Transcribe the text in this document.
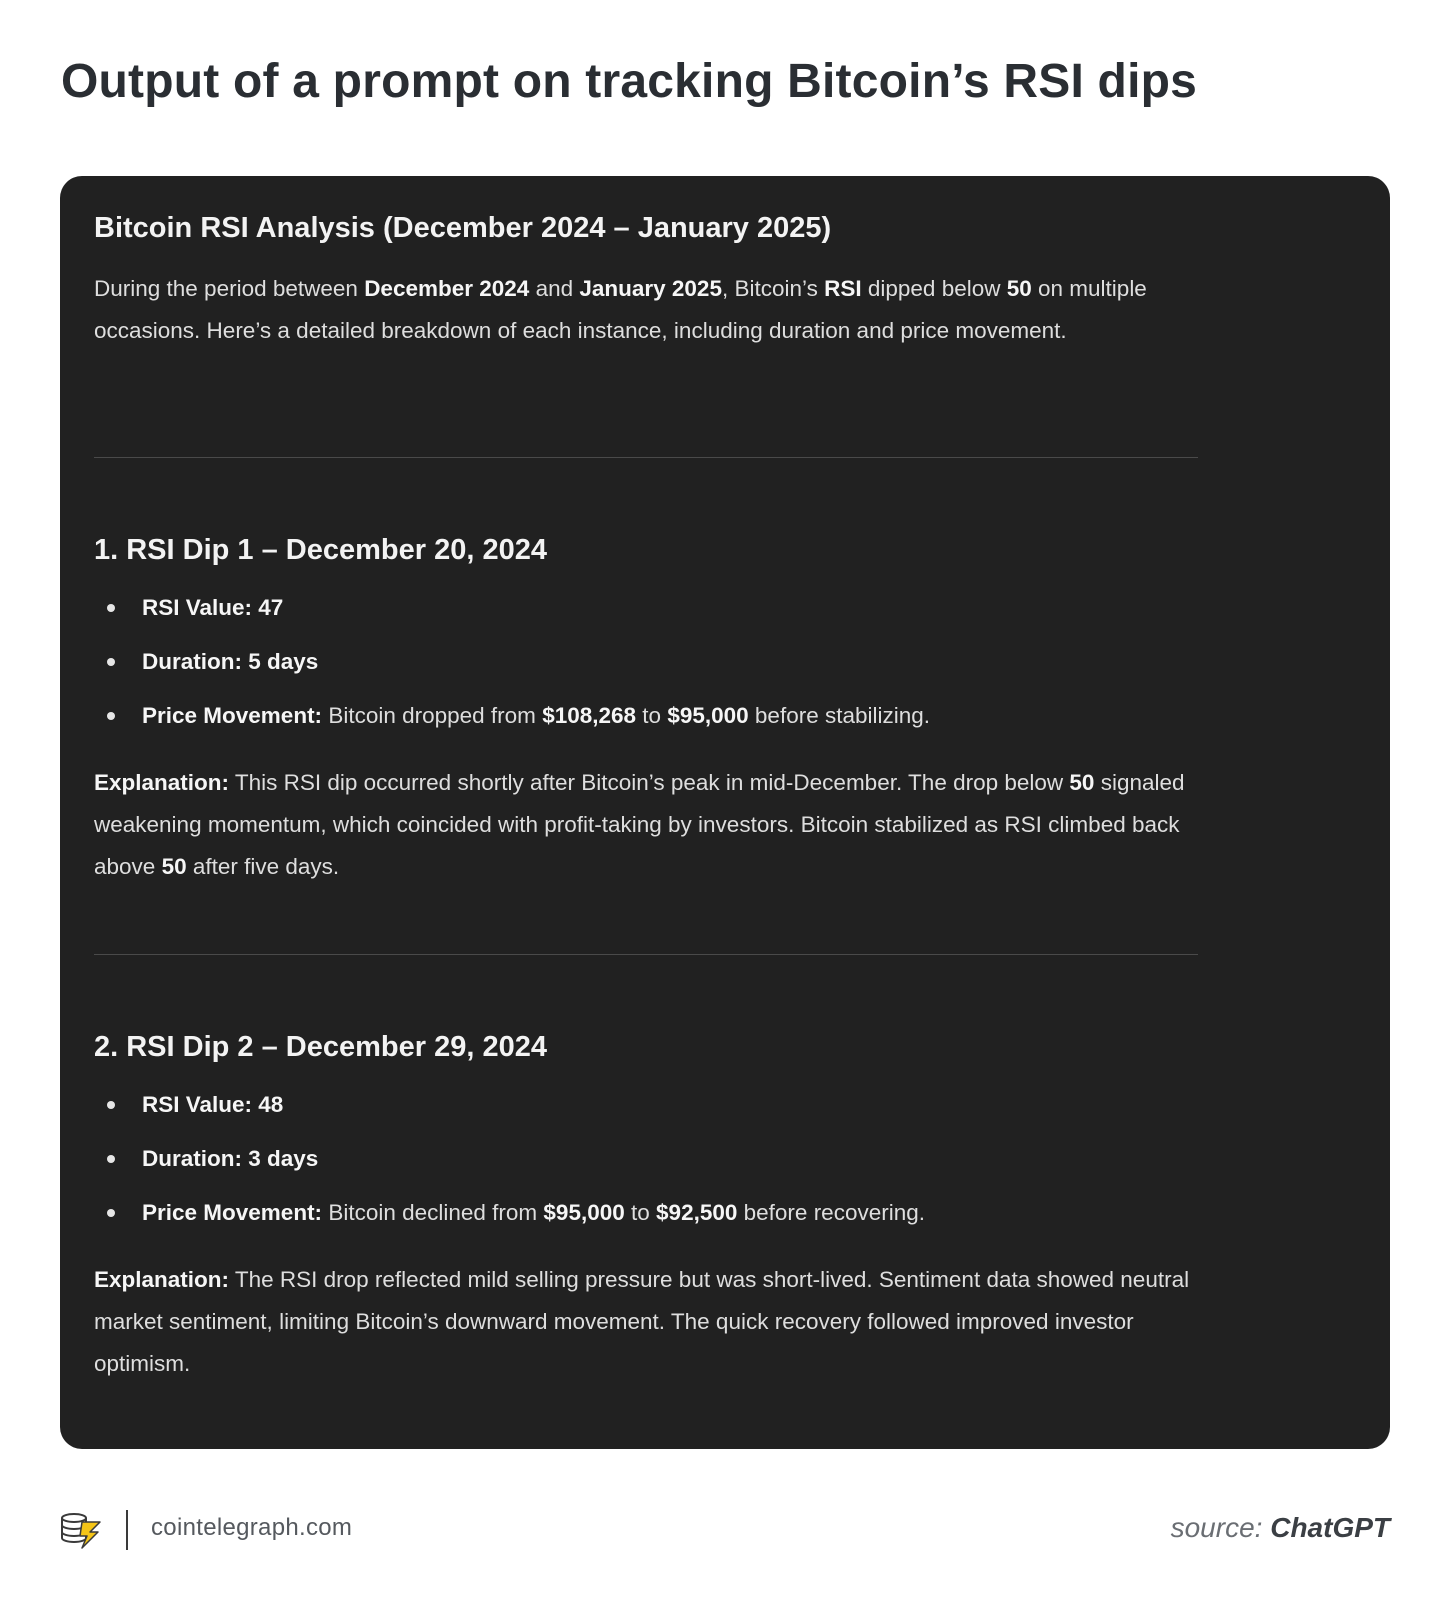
Output of a prompt on tracking Bitcoin’s RSI dips
Bitcoin RSI Analysis (December 2024 – January 2025)

During the period between December 2024 and January 2025, Bitcoin’s RSI dipped below 50 on multiple occasions. Here’s a detailed breakdown of each instance, including duration and price movement.

1. RSI Dip 1 – December 20, 2024
RSI Value: 47
Duration: 5 days
Price Movement: Bitcoin dropped from $108,268 to $95,000 before stabilizing.

Explanation: This RSI dip occurred shortly after Bitcoin’s peak in mid-December. The drop below 50 signaled weakening momentum, which coincided with profit-taking by investors. Bitcoin stabilized as RSI climbed back above 50 after five days.

2. RSI Dip 2 – December 29, 2024
RSI Value: 48
Duration: 3 days
Price Movement: Bitcoin declined from $95,000 to $92,500 before recovering.

Explanation: The RSI drop reflected mild selling pressure but was short-lived. Sentiment data showed neutral market sentiment, limiting Bitcoin’s downward movement. The quick recovery followed improved investor optimism.

cointelegraph.com	source: ChatGPT
